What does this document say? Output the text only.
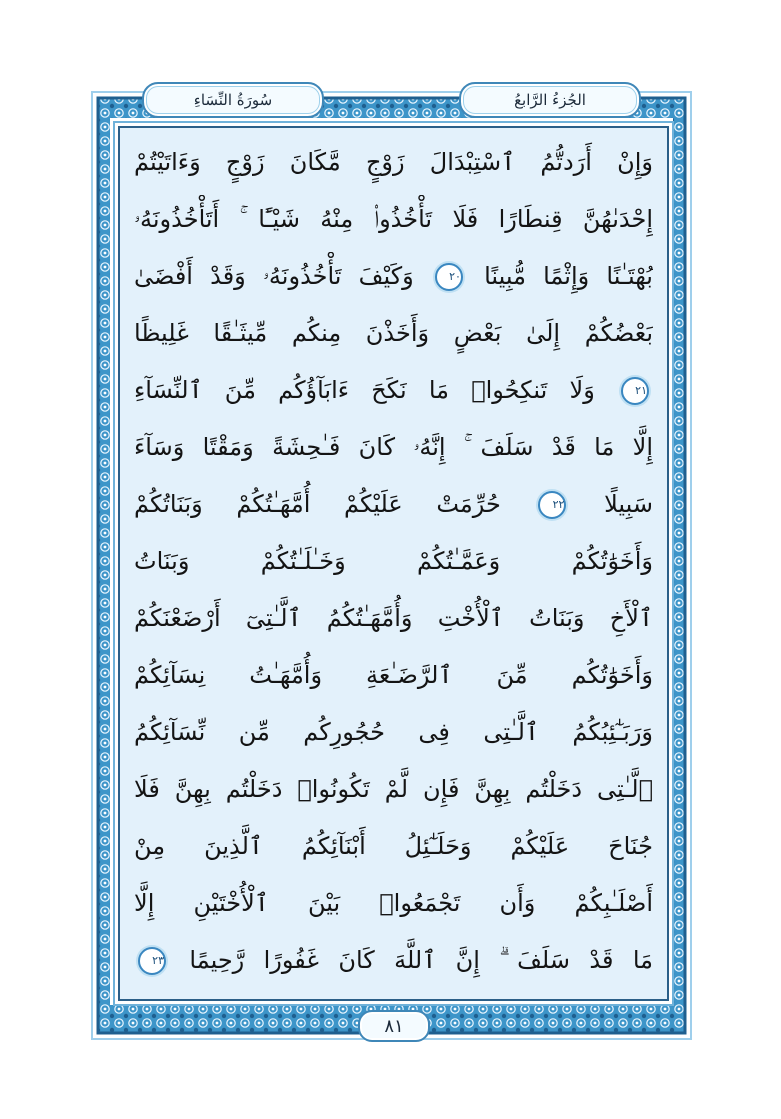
سُورَةُ النِّسَاءِ	الجُزءُ الرَّابعُ
وَإِنْ أَرَدتُّمُ ٱسْتِبْدَالَ زَوْجٍ مَّكَانَ زَوْجٍ وَءَاتَيْتُمْ
إِحْدَىٰهُنَّ قِنطَارًا فَلَا تَأْخُذُوا۟ مِنْهُ شَيْـًٔا ۚ أَتَأْخُذُونَهُۥ
بُهْتَـٰنًا وَإِثْمًا مُّبِينًا ٢٠ وَكَيْفَ تَأْخُذُونَهُۥ وَقَدْ أَفْضَىٰ
بَعْضُكُمْ إِلَىٰ بَعْضٍ وَأَخَذْنَ مِنكُم مِّيثَـٰقًا غَلِيظًا
٢١ وَلَا تَنكِحُوا۟ مَا نَكَحَ ءَابَآؤُكُم مِّنَ ٱلنِّسَآءِ
إِلَّا مَا قَدْ سَلَفَ ۚ إِنَّهُۥ كَانَ فَـٰحِشَةً وَمَقْتًا وَسَآءَ
سَبِيلًا ٢٢ حُرِّمَتْ عَلَيْكُمْ أُمَّهَـٰتُكُمْ وَبَنَاتُكُمْ
وَأَخَوَٰتُكُمْ وَعَمَّـٰتُكُمْ وَخَـٰلَـٰتُكُمْ وَبَنَاتُ
ٱلْأَخِ وَبَنَاتُ ٱلْأُخْتِ وَأُمَّهَـٰتُكُمُ ٱلَّـٰتِىٓ أَرْضَعْنَكُمْ
وَأَخَوَٰتُكُم مِّنَ ٱلرَّضَـٰعَةِ وَأُمَّهَـٰتُ نِسَآئِكُمْ
وَرَبَـٰٓئِبُكُمُ ٱلَّـٰتِى فِى حُجُورِكُم مِّن نِّسَآئِكُمُ
ٱلَّـٰتِى دَخَلْتُم بِهِنَّ فَإِن لَّمْ تَكُونُوا۟ دَخَلْتُم بِهِنَّ فَلَا
جُنَاحَ عَلَيْكُمْ وَحَلَـٰٓئِلُ أَبْنَآئِكُمُ ٱلَّذِينَ مِنْ
أَصْلَـٰبِكُمْ وَأَن تَجْمَعُوا۟ بَيْنَ ٱلْأُخْتَيْنِ إِلَّا
مَا قَدْ سَلَفَ ۗ إِنَّ ٱللَّهَ كَانَ غَفُورًا رَّحِيمًا ٢٣
٨١
